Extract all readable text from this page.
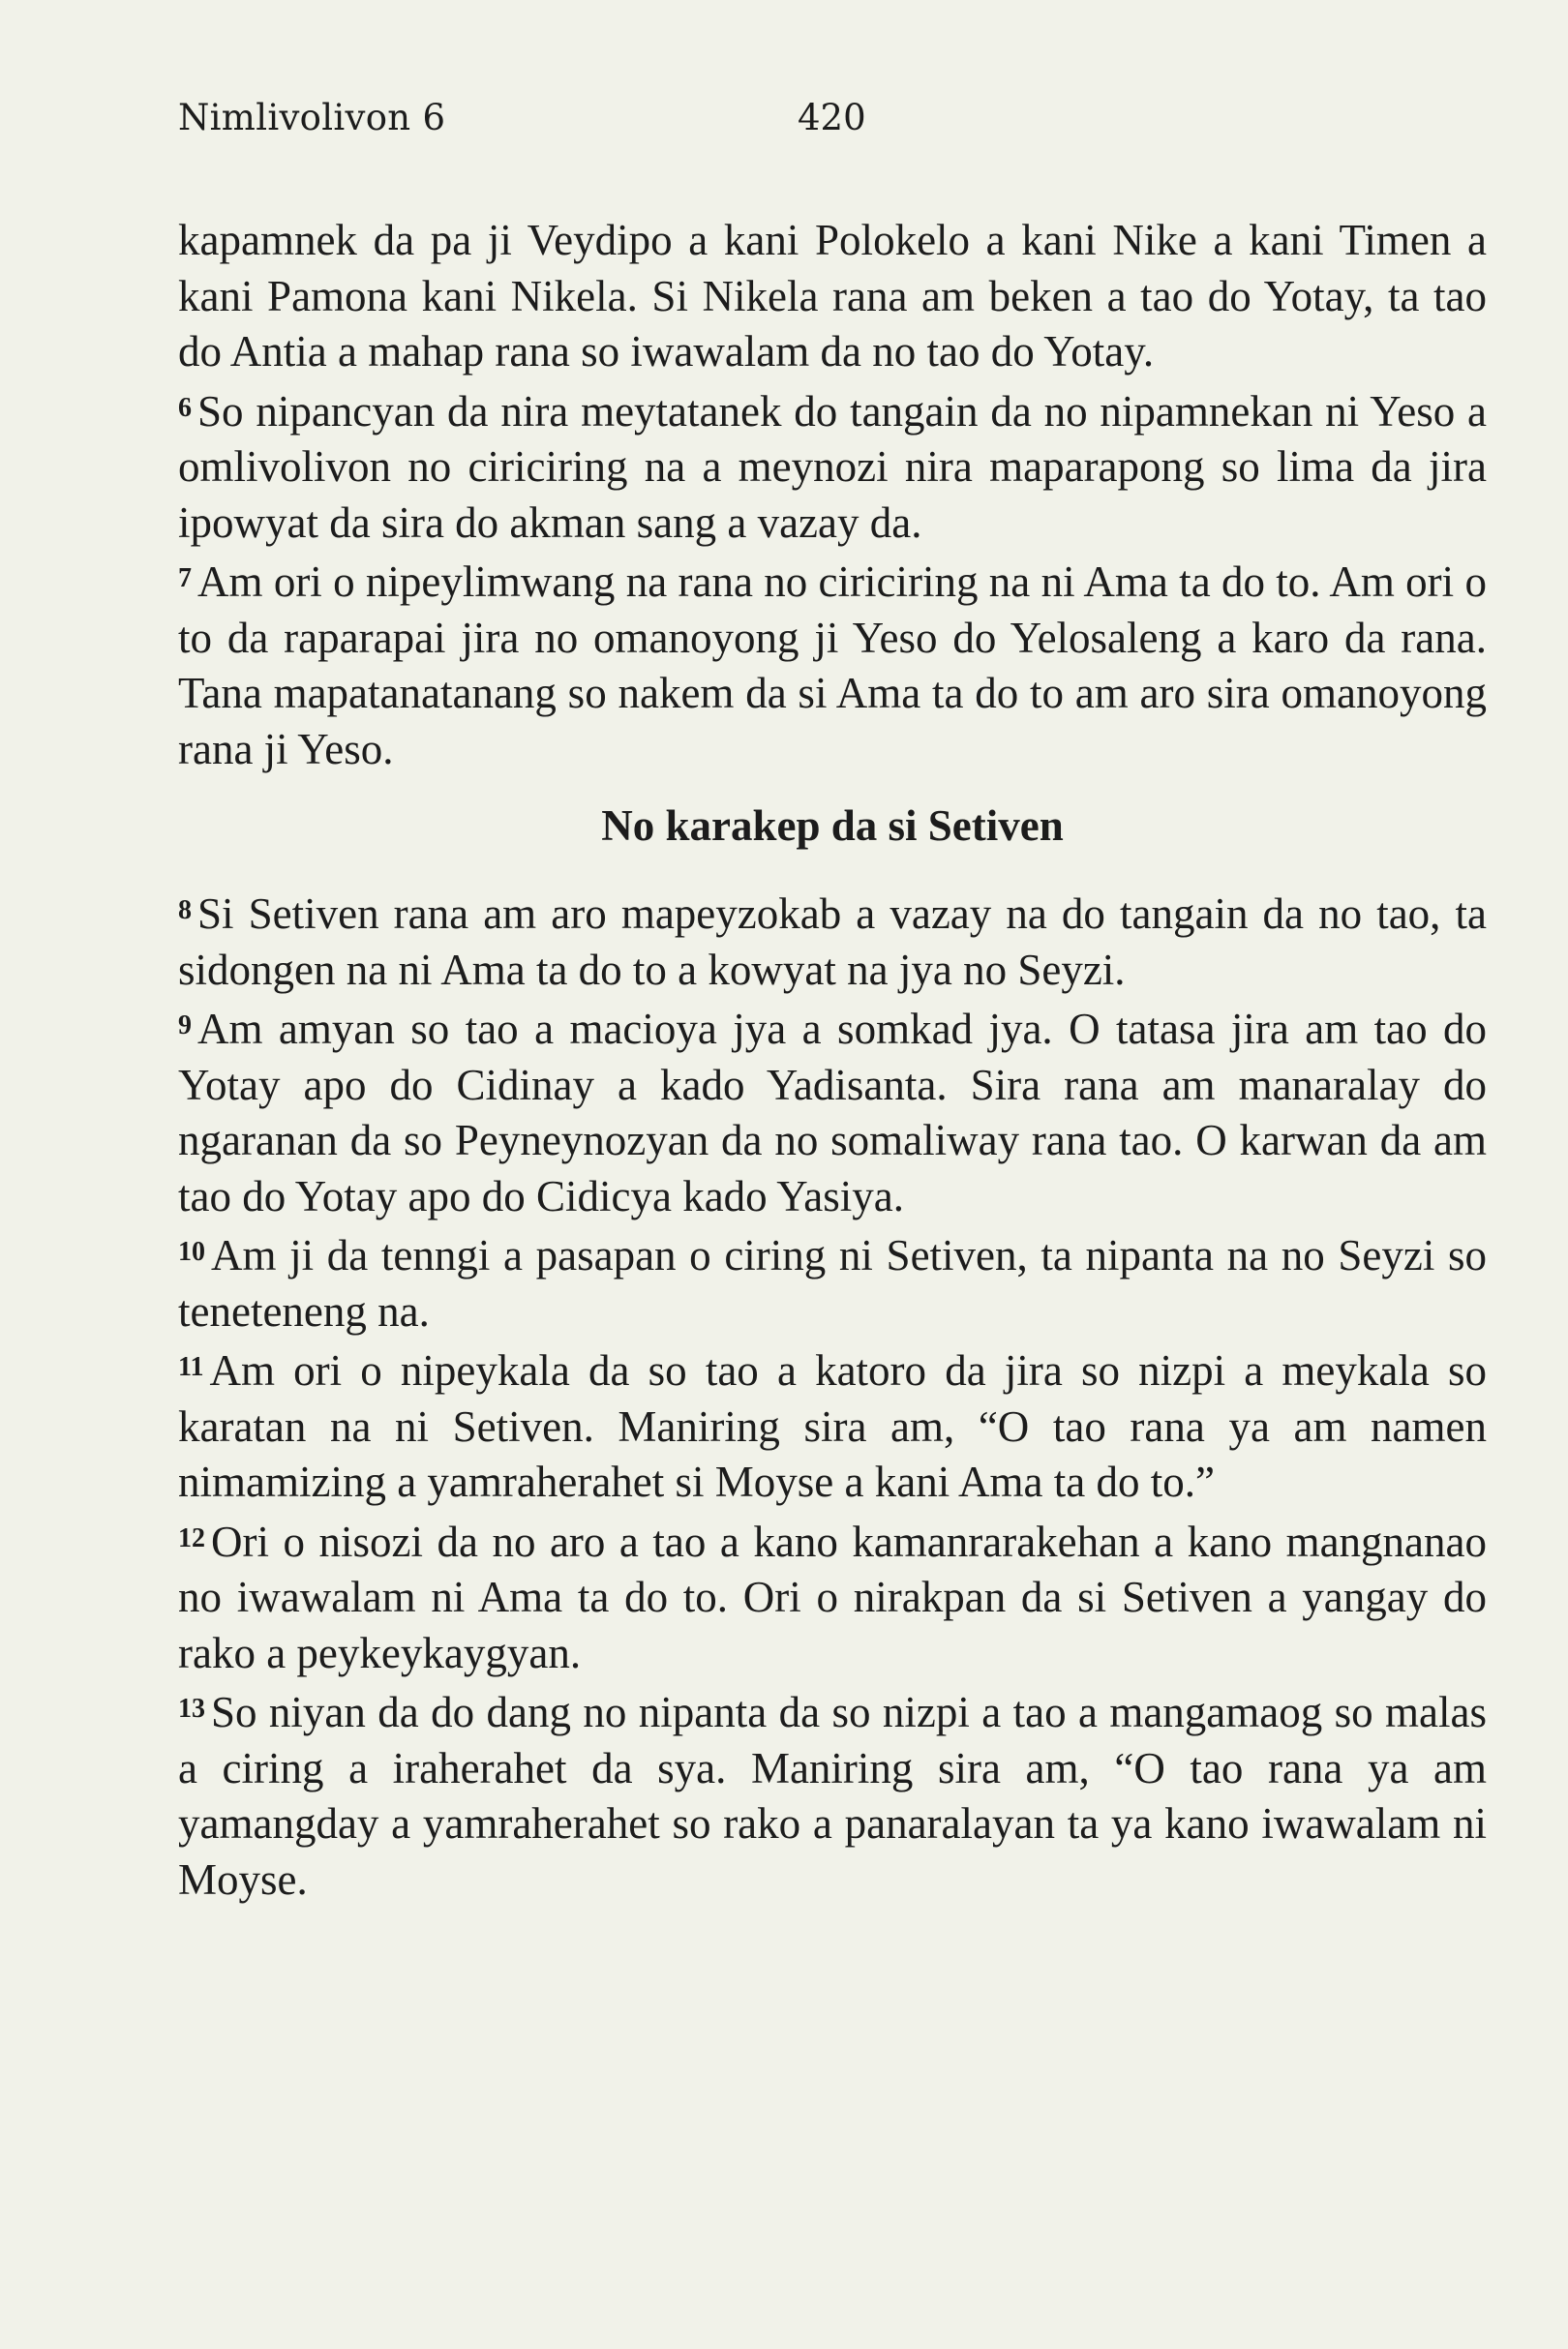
Nimlivolivon 6	420

kapamnek da pa ji Veydipo a kani Polokelo a kani Nike a kani Timen a kani Pamona kani Nikela. Si Nikela rana am beken a tao do Yotay, ta tao do Antia a mahap rana so iwawalam da no tao do Yotay.

$^6$ So nipancyan da nira meytatanek do tangain da no nipamnekan ni Yeso a omlivolivon no ciriciring na a meynozi nira maparapong so lima da jira ipowyat da sira do akman sang a vazay da.

$^7$ Am ori o nipeylimwang na rana no ciriciring na ni Ama ta do to. Am ori o to da raparapai jira no omanoyong ji Yeso do Yelosaleng a karo da rana. Tana mapatanatanang so nakem da si Ama ta do to am aro sira omanoyong rana ji Yeso.

No karakep da si Setiven

$^8$ Si Setiven rana am aro mapeyzokab a vazay na do tangain da no tao, ta sidongen na ni Ama ta do to a kowyat na jya no Seyzi.

$^9$ Am amyan so tao a macioya jya a somkad jya. O tatasa jira am tao do Yotay apo do Cidinay a kado Yadisanta. Sira rana am manaralay do ngaranan da so Peyneynozyan da no somaliway rana tao. O karwan da am tao do Yotay apo do Cidicya kado Yasiya.

$^{10}$ Am ji da tenngi a pasapan o ciring ni Setiven, ta nipanta na no Seyzi so teneteneng na.

$^{11}$ Am ori o nipeykala da so tao a katoro da jira so nizpi a meykala so karatan na ni Setiven. Maniring sira am, “O tao rana ya am namen nimamizing a yamraherahet si Moyse a kani Ama ta do to.”

$^{12}$ Ori o nisozi da no aro a tao a kano kamanrarakehan a kano mangnanao no iwawalam ni Ama ta do to. Ori o nirakpan da si Setiven a yangay do rako a peykeykaygyan.

$^{13}$ So niyan da do dang no nipanta da so nizpi a tao a mangamaog so malas a ciring a iraherahet da sya. Maniring sira am, “O tao rana ya am yamangday a yamraherahet so rako a panaralayan ta ya kano iwawalam ni Moyse.
